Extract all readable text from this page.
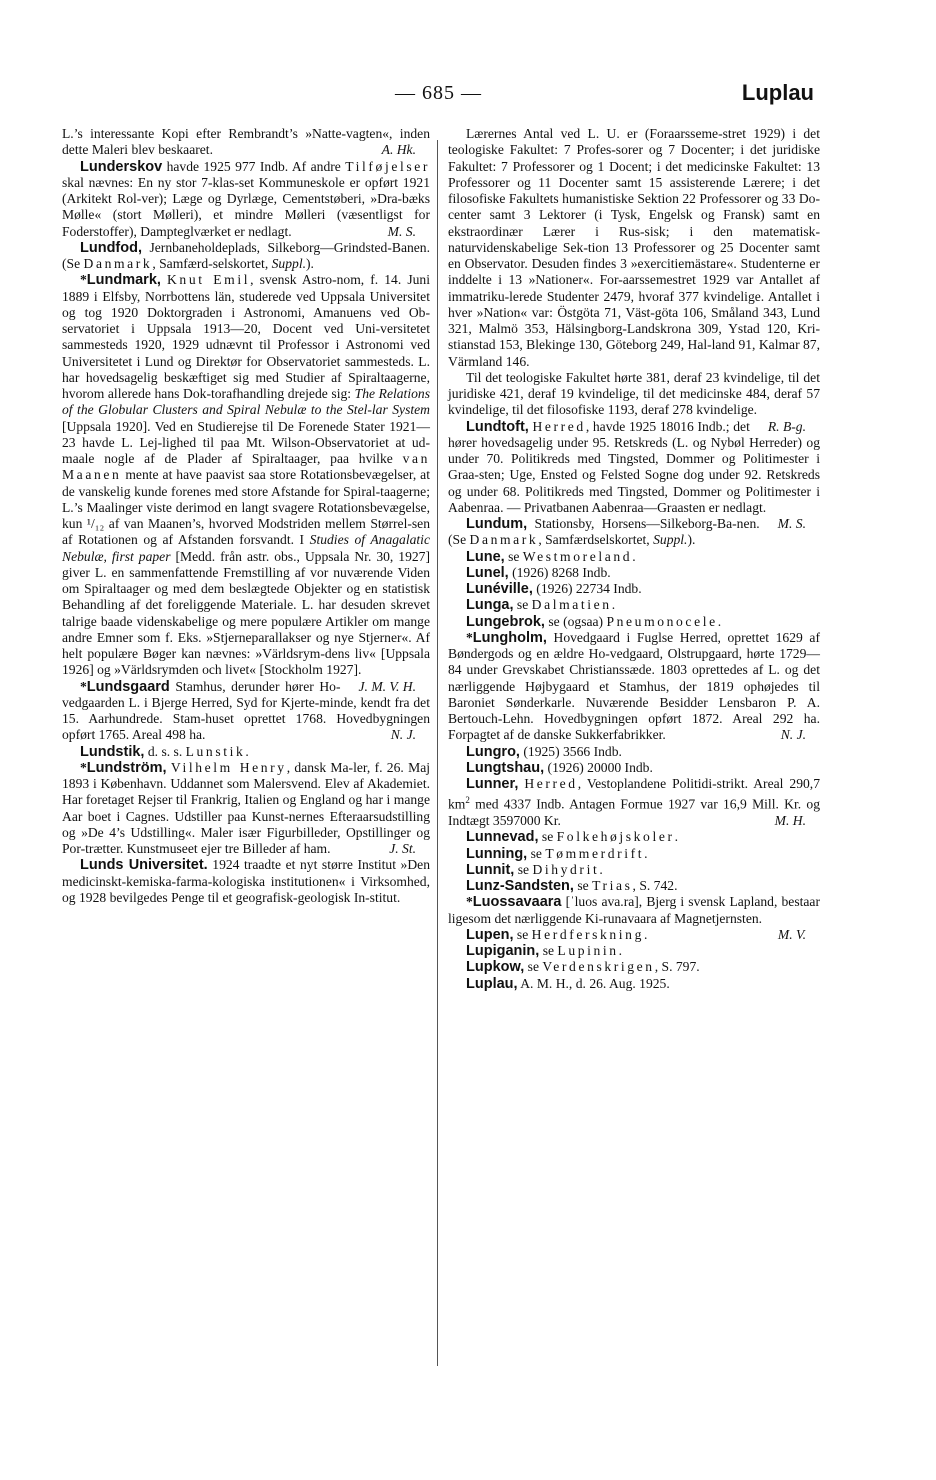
— 685 —	Luplau

L.’s interessante Kopi efter Rembrandt’s »Natte-vagten«, inden dette Maleri blev beskaaret.	A. Hk.

Lunderskov havde 1925 977 Indb. Af andre Tilføjelser skal nævnes: En ny stor 7-klas-set Kommuneskole er opført 1921 (Arkitekt Rol-ver); Læge og Dyrlæge, Cementstøberi, »Dra-bæks Mølle« (stort Mølleri), et mindre Mølleri (væsentligst for Foderstoffer), Dampteglværket er nedlagt.	M. S.

Lundfod, Jernbaneholdeplads, Silkeborg—Grindsted-Banen. (Se Danmark, Samfærd-selskortet, Suppl.).

*Lundmark, Knut Emil, svensk Astro-nom, f. 14. Juni 1889 i Elfsby, Norrbottens län, studerede ved Uppsala Universitet og tog 1920 Doktorgraden i Astronomi, Amanuens ved Ob-servatoriet i Uppsala 1913—20, Docent ved Uni-versitetet sammesteds 1920, 1929 udnævnt til Professor i Astronomi ved Universitetet i Lund og Direktør for Observatoriet sammesteds. L. har hovedsagelig beskæftiget sig med Studier af Spiraltaagerne, hvorom allerede hans Dok-torafhandling drejede sig: The Relations of the Globular Clusters and Spiral Nebulæ to the Stel-lar System [Uppsala 1920]. Ved en Studierejse til De Forenede Stater 1921—23 havde L. Lej-lighed til paa Mt. Wilson-Observatoriet at ud-maale nogle af de Plader af Spiraltaager, paa hvilke van Maanen mente at have paavist saa store Rotationsbevægelser, at de vanskelig kunde forenes med store Afstande for Spiral-taagerne; L.’s Maalinger viste derimod en langt svagere Rotationsbevægelse, kun ¹/₁₂ af van Maanen’s, hvorved Modstriden mellem Størrel-sen af Rotationen og af Afstanden forsvandt. I Studies of Anagalatic Nebulæ, first paper [Medd. från astr. obs., Uppsala Nr. 30, 1927] giver L. en sammenfattende Fremstilling af vor nuværende Viden om Spiraltaager og med dem beslægtede Objekter og en statistisk Behandling af det foreliggende Materiale. L. har desuden skrevet talrige baade videnskabelige og mere populære Artikler om mange andre Emner som f. Eks. »Stjerneparallakser og nye Stjerner«. Af helt populære Bøger kan nævnes: »Världsrym-dens liv« [Uppsala 1926] og »Världsrymden och livet« [Stockholm 1927].
J. M. V. H.

*Lundsgaard Stamhus, derunder hører Ho-vedgaarden L. i Bjerge Herred, Syd for Kjerte-minde, kendt fra det 15. Aarhundrede. Stam-huset oprettet 1768. Hovedbygningen opført 1765. Areal 498 ha.	N. J.

Lundstik, d. s. s. Lunstik.

*Lundström, Vilhelm Henry, dansk Ma-ler, f. 26. Maj 1893 i København. Uddannet som Malersvend. Elev af Akademiet. Har foretaget Rejser til Frankrig, Italien og England og har i mange Aar boet i Cagnes. Udstiller paa Kunst-nernes Efteraarsudstilling og »De 4’s Udstilling«. Maler især Figurbilleder, Opstillinger og Por-trætter. Kunstmuseet ejer tre Billeder af ham.	J. St.

Lunds Universitet. 1924 traadte et nyt større Institut »Den medicinskt-kemiska-farma-kologiska institutionen« i Virksomhed, og 1928 bevilgedes Penge til et geografisk-geologisk In-stitut.

Lærernes Antal ved L. U. er (Foraarsseme-stret 1929) i det teologiske Fakultet: 7 Profes-sorer og 7 Docenter; i det juridiske Fakultet: 7 Professorer og 1 Docent; i det medicinske Fakultet: 13 Professorer og 11 Docenter samt 15 assisterende Lærere; i det filosofiske Fakultets humanistiske Sektion 22 Professorer og 33 Do-center samt 3 Lektorer (i Tysk, Engelsk og Fransk) samt en ekstraordinær Lærer i Rus-sisk; i den matematisk-naturvidenskabelige Sek-tion 13 Professorer og 25 Docenter samt en Observator. Desuden findes 3 »exercitiemästare«. Studenterne er inddelte i 13 »Nationer«. For-aarssemestret 1929 var Antallet af immatriku-lerede Studenter 2479, hvoraf 377 kvindelige. Antallet i hver »Nation« var: Östgöta 71, Väst-göta 106, Småland 343, Lund 321, Malmö 353, Hälsingborg-Landskrona 309, Ystad 120, Kri-stianstad 153, Blekinge 130, Göteborg 249, Hal-land 91, Kalmar 87, Värmland 146.

Til det teologiske Fakultet hørte 381, deraf 23 kvindelige, til det juridiske 421, deraf 19 kvindelige, til det medicinske 484, deraf 57 kvindelige, til det filosofiske 1193, deraf 278 kvindelige.
R. B-g.

Lundtoft, Herred, havde 1925 18016 Indb.; det hører hovedsagelig under 95. Retskreds (L. og Nybøl Herreder) og under 70. Politikreds med Tingsted, Dommer og Politimester i Graa-sten; Uge, Ensted og Felsted Sogne dog under 92. Retskreds og under 68. Politikreds med Tingsted, Dommer og Politimester i Aabenraa. — Privatbanen Aabenraa—Graasten er nedlagt.
M. S.

Lundum, Stationsby, Horsens—Silkeborg-Ba-nen. (Se Danmark, Samfærdselskortet, Suppl.).

Lune, se Westmoreland.

Lunel, (1926) 8268 Indb.

Lunéville, (1926) 22734 Indb.

Lunga, se Dalmatien.

Lungebrok, se (ogsaa) Pneumonocele.

*Lungholm, Hovedgaard i Fuglse Herred, oprettet 1629 af Bøndergods og en ældre Ho-vedgaard, Olstrupgaard, hørte 1729—84 under Grevskabet Christianssæde. 1803 oprettedes af L. og det nærliggende Højbygaard et Stamhus, der 1819 ophøjedes til Baroniet Sønderkarle. Nuværende Besidder Lensbaron P. A. Bertouch-Lehn. Hovedbygningen opført 1872. Areal 292 ha. Forpagtet af de danske Sukkerfabrikker.	N. J.

Lungro, (1925) 3566 Indb.

Lungtshau, (1926) 20000 Indb.

Lunner, Herred, Vestoplandene Politidi-strikt. Areal 290,7 $km^2$ med 4337 Indb. Antagen Formue 1927 var 16,9 Mill. Kr. og Indtægt 3597000 Kr.	M. H.

Lunnevad, se Folkehøjskoler.

Lunning, se Tømmerdrift.

Lunnit, se Dihydrit.

Lunz-Sandsten, se Trias, S. 742.

*Luossavaara [ˈluos ava.ra], Bjerg i svensk Lapland, bestaar ligesom det nærliggende Ki-runavaara af Magnetjernsten.
M. V.

Lupen, se Herdferskning.

Lupiganin, se Lupinin.

Lupkow, se Verdenskrigen, S. 797.

Luplau, A. M. H., d. 26. Aug. 1925.
